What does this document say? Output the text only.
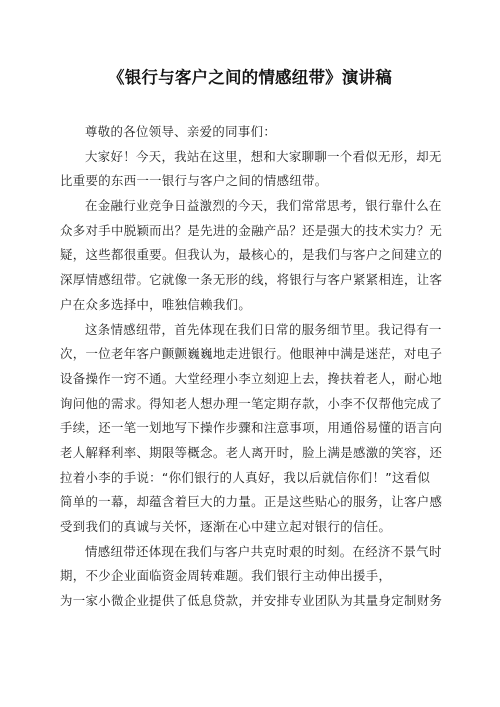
《银行与客户之间的情感纽带》演讲稿
尊敬的各位领导、亲爱的同事们：
大家好！今天，我站在这里，想和大家聊聊一个看似无形，却无
比重要的东西一一银行与客户之间的情感纽带。
在金融行业竞争日益激烈的今天，我们常常思考，银行靠什么在
众多对手中脱颖而出？是先进的金融产品？还是强大的技术实力？无
疑，这些都很重要。但我认为，最核心的，是我们与客户之间建立的
深厚情感纽带。它就像一条无形的线，将银行与客户紧紧相连，让客
户在众多选择中，唯独信赖我们。
这条情感纽带，首先体现在我们日常的服务细节里。我记得有一
次，一位老年客户颤颤巍巍地走进银行。他眼神中满是迷茫，对电子
设备操作一窍不通。大堂经理小李立刻迎上去，搀扶着老人，耐心地
询问他的需求。得知老人想办理一笔定期存款，小李不仅帮他完成了
手续，还一笔一划地写下操作步骤和注意事项，用通俗易懂的语言向
老人解释利率、期限等概念。老人离开时，脸上满是感激的笑容，还
拉着小李的手说：“你们银行的人真好，我以后就信你们！”这看似
简单的一幕，却蕴含着巨大的力量。正是这些贴心的服务，让客户感
受到我们的真诚与关怀，逐渐在心中建立起对银行的信任。
情感纽带还体现在我们与客户共克时艰的时刻。在经济不景气时
期，不少企业面临资金周转难题。我们银行主动伸出援手，
为一家小微企业提供了低息贷款，并安排专业团队为其量身定制财务
